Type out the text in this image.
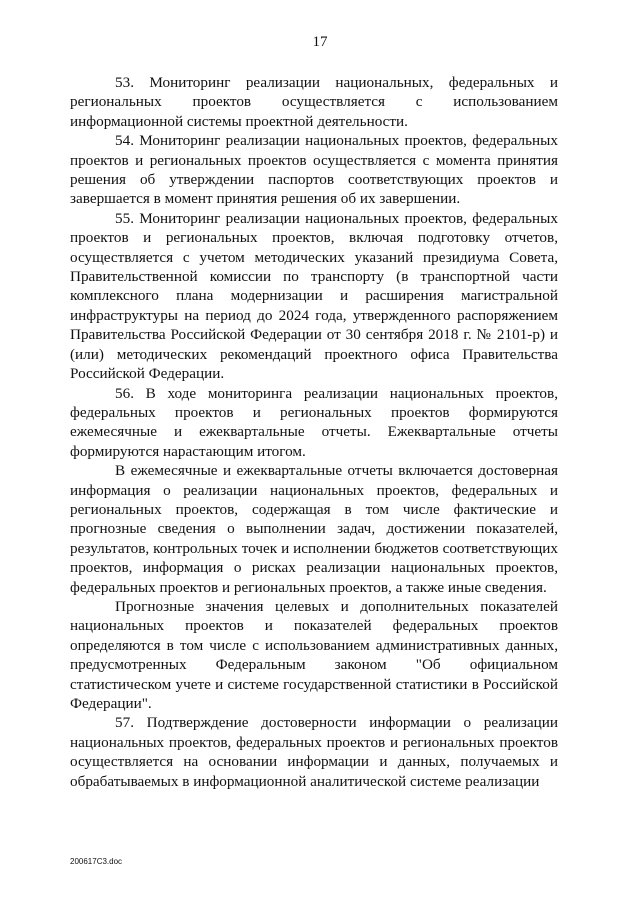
17

53. Мониторинг реализации национальных, федеральных и региональных проектов осуществляется с использованием информационной системы проектной деятельности.

54. Мониторинг реализации национальных проектов, федеральных проектов и региональных проектов осуществляется с момента принятия решения об утверждении паспортов соответствующих проектов и завершается в момент принятия решения об их завершении.

55. Мониторинг реализации национальных проектов, федеральных проектов и региональных проектов, включая подготовку отчетов, осуществляется с учетом методических указаний президиума Совета, Правительственной комиссии по транспорту (в транспортной части комплексного плана модернизации и расширения магистральной инфраструктуры на период до 2024 года, утвержденного распоряжением Правительства Российской Федерации от 30 сентября 2018 г. № 2101-р) и (или) методических рекомендаций проектного офиса Правительства Российской Федерации.

56. В ходе мониторинга реализации национальных проектов, федеральных проектов и региональных проектов формируются ежемесячные и ежеквартальные отчеты. Ежеквартальные отчеты формируются нарастающим итогом.

В ежемесячные и ежеквартальные отчеты включается достоверная информация о реализации национальных проектов, федеральных и региональных проектов, содержащая в том числе фактические и прогнозные сведения о выполнении задач, достижении показателей, результатов, контрольных точек и исполнении бюджетов соответствующих проектов, информация о рисках реализации национальных проектов, федеральных проектов и региональных проектов, а также иные сведения.

Прогнозные значения целевых и дополнительных показателей национальных проектов и показателей федеральных проектов определяются в том числе с использованием административных данных, предусмотренных Федеральным законом "Об официальном статистическом учете и системе государственной статистики в Российской Федерации".

57. Подтверждение достоверности информации о реализации национальных проектов, федеральных проектов и региональных проектов осуществляется на основании информации и данных, получаемых и обрабатываемых в информационной аналитической системе реализации

200617С3.doc
